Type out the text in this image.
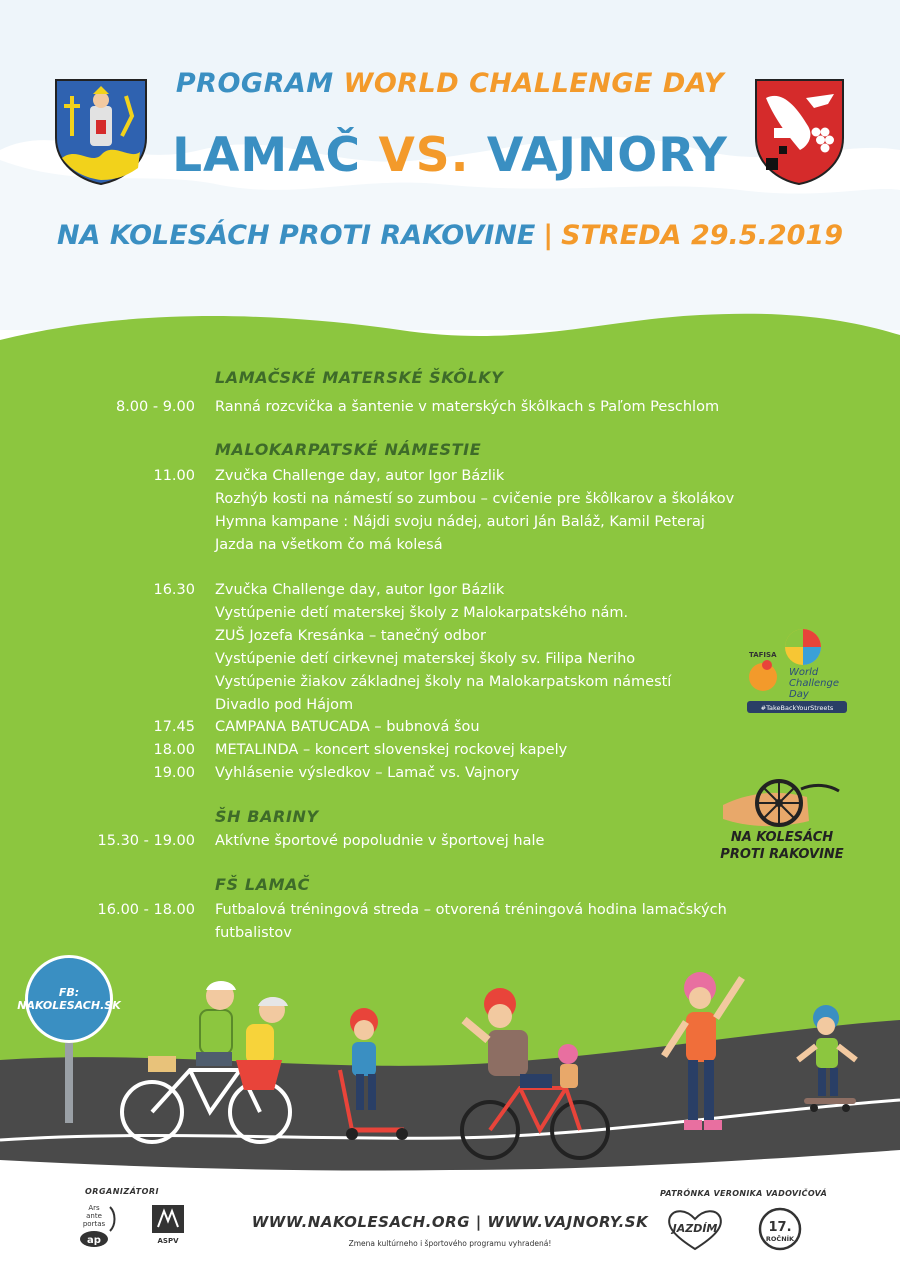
PROGRAM WORLD CHALLENGE DAY
LAMAČ VS. VAJNORY
NA KOLESÁCH PROTI RAKOVINE | STREDA 29.5.2019
LAMAČSKÉ MATERSKÉ ŠKÔLKY
8.00 - 9.00 Ranná rozcvička a šantenie v materských škôlkach s Paľom Peschlom
MALOKARPATSKÉ NÁMESTIE
11.00 Zvučka Challenge day, autor Igor Bázlik
Rozhýb kosti na námestí so zumbou – cvičenie pre škôlkarov a školákov
Hymna kampane : Nájdi svoju nádej, autori Ján Baláž, Kamil Peteraj
Jazda na všetkom čo má kolesá
16.30 Zvučka Challenge day, autor Igor Bázlik
Vystúpenie detí materskej školy z Malokarpatského nám.
ZUŠ Jozefa Kresánka – tanečný odbor
Vystúpenie detí cirkevnej materskej školy sv. Filipa Neriho
Vystúpenie žiakov základnej školy na Malokarpatskom námestí
Divadlo pod Hájom
17.45 CAMPANA BATUCADA – bubnová šou
18.00 METALINDA – koncert slovenskej rockovej kapely
19.00 Vyhlásenie výsledkov – Lamač vs. Vajnory
ŠH BARINY
15.30 - 19.00 Aktívne športové popoludnie v športovej hale
FŠ LAMAČ
16.00 - 18.00 Futbalová tréningová streda – otvorená tréningová hodina lamačských
futbalistov
TAFISA
World
Challenge
Day
#TakeBackYourStreets
NA KOLESÁCH
PROTI RAKOVINE
FB:
NAKOLESACH.SK
ORGANIZÁTORI
Ars
ante
portas
ap	ASPV
WWW.NAKOLESACH.ORG | WWW.VAJNORY.SK
Zmena kultúrneho i športového programu vyhradená!
PATRÓNKA VERONIKA VADOVIČOVÁ
JAZDÍM	17.
ROČNÍK
